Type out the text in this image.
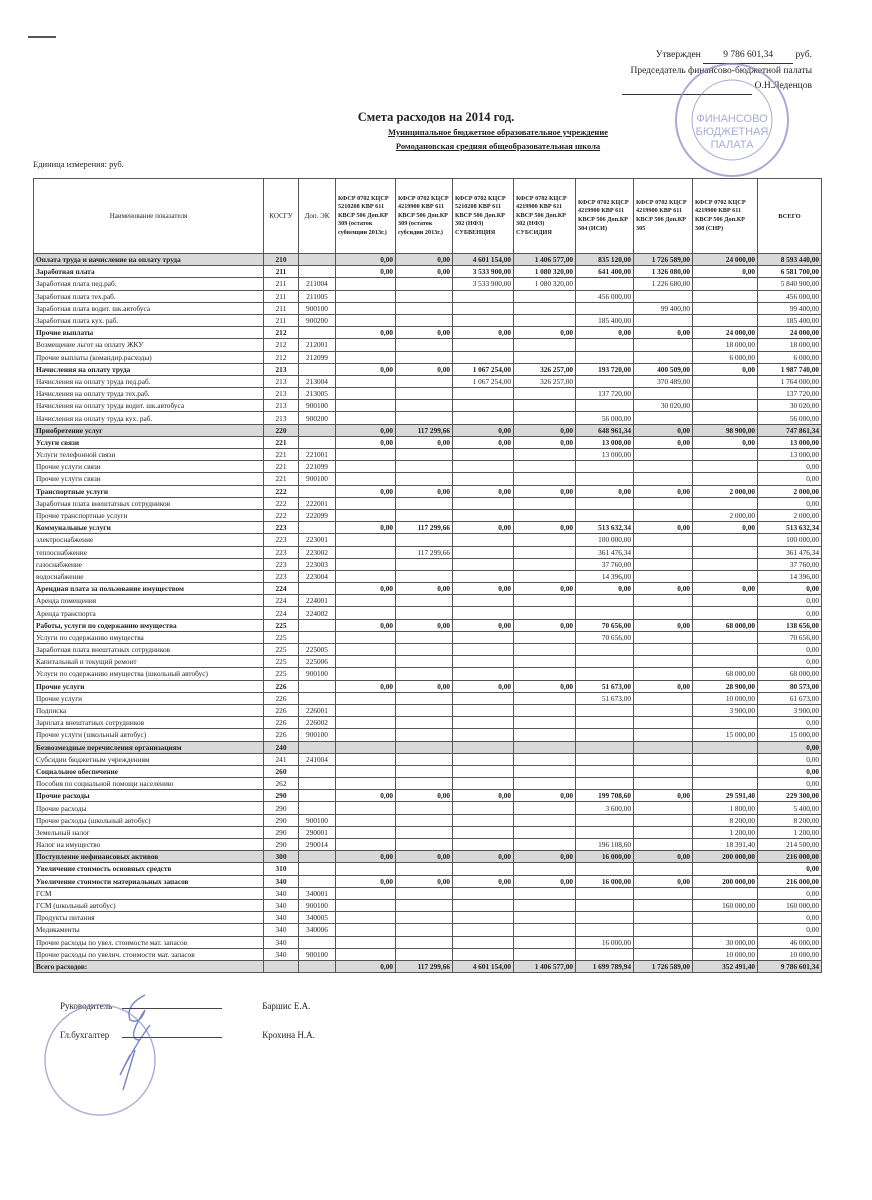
Утвержден 9 786 601,34 руб.
Председатель финансово-бюджетной палаты
О.Н.Леденцов
ФИНАНСОВО
БЮДЖЕТНАЯ
ПАЛАТА
Смета расходов на 2014 год.
Муниципальное бюджетное образовательное учреждение
Ромодановская средняя общеобразовательная школа
Единица измерения: руб.
Наименование показателя	КОСГУ	Доп. ЭК	КФСР 0702 КЦСР 5210208 КВР 611 КВСР 506 Доп.КР 309 (остаток субвенции 2013г.)	КФСР 0702 КЦСР 4219900 КВР 611 КВСР 506 Доп.КР 309 (остаток субсидии 2013г.)	КФСР 0702 КЦСР 5210208 КВР 611 КВСР 506 Доп.КР 302 (НФЗ) СУБВЕНЦИЯ	КФСР 0702 КЦСР 4219900 КВР 611 КВСР 506 Доп.КР 302 (НФЗ) СУБСИДИЯ	КФСР 0702 КЦСР 4219900 КВР 611 КВСР 506 Доп.КР 304 (ИСИ)	КФСР 0702 КЦСР 4219900 КВР 611 КВСР 506 Доп.КР 305	КФСР 0702 КЦСР 4219900 КВР 611 КВСР 506 Доп.КР 308 (СНР)	ВСЕГО
Оплата труда и начисление на оплату труда	210		0,00	0,00	4 601 154,00	1 406 577,00	835 120,00	1 726 589,00	24 000,00	8 593 440,00
Заработная плата	211		0,00	0,00	3 533 900,00	1 080 320,00	641 400,00	1 326 080,00	0,00	6 581 700,00
Заработная плата пед.раб.	211	211004			3 533 900,00	1 080 320,00		1 226 680,00		5 840 900,00
Заработная плата тех.раб.	211	211005					456 000,00			456 000,00
Заработная плата водит. шк.автобуса	211	900100						99 400,00		99 400,00
Заработная плата кух. раб.	211	900200					185 400,00			185 400,00
Прочие выплаты	212		0,00	0,00	0,00	0,00	0,00	0,00	24 000,00	24 000,00
Возмещение льгот на оплату ЖКУ	212	212001							18 000,00	18 000,00
Прочие выплаты (командир.расходы)	212	212099							6 000,00	6 000,00
Начисления на оплату труда	213		0,00	0,00	1 067 254,00	326 257,00	193 720,00	400 509,00	0,00	1 987 740,00
Начисления на оплату труда пед.раб.	213	213004			1 067 254,00	326 257,00		370 489,00		1 764 000,00
Начисления на оплату труда тех.раб.	213	213005					137 720,00			137 720,00
Начисления на оплату труда водит. шк.автобуса	213	900100						30 020,00		30 020,00
Начисления на оплату труда кух. раб.	213	900200					56 000,00			56 000,00
Приобретение услуг	220		0,00	117 299,66	0,00	0,00	648 961,34	0,00	98 900,00	747 861,34
Услуги связи	221		0,00	0,00	0,00	0,00	13 000,00	0,00	0,00	13 000,00
Услуги телефонной связи	221	221001					13 000,00			13 000,00
Прочие услуги связи	221	221099								0,00
Прочие услуги связи	221	900100								0,00
Транспортные услуги	222		0,00	0,00	0,00	0,00	0,00	0,00	2 000,00	2 000,00
Заработная плата внештатных сотрудников	222	222001								0,00
Прочие транспортные услуги	222	222099							2 000,00	2 000,00
Коммунальные услуги	223		0,00	117 299,66	0,00	0,00	513 632,34	0,00	0,00	513 632,34
электроснабжение	223	223001					100 000,00			100 000,00
теплоснабжение	223	223002		117 299,66			361 476,34			361 476,34
газоснабжение	223	223003					37 760,00			37 760,00
водоснабжение	223	223004					14 396,00			14 396,00
Арендная плата за пользование имуществом	224		0,00	0,00	0,00	0,00	0,00	0,00	0,00	0,00
Аренда помещения	224	224001								0,00
Аренда транспорта	224	224002								0,00
Работы, услуги по содержанию имущества	225		0,00	0,00	0,00	0,00	70 656,00	0,00	68 000,00	138 656,00
Услуги по содержанию имущества	225						70 656,00			70 656,00
Заработная плата внештатных сотрудников	225	225005								0,00
Капитальный и текущий ремонт	225	225006								0,00
Услуги по содержанию имущества (школьный автобус)	225	900100							68 000,00	68 000,00
Прочие услуги	226		0,00	0,00	0,00	0,00	51 673,00	0,00	28 900,00	80 573,00
Прочие услуги	226						51 673,00		10 000,00	61 673,00
Подписка	226	226001							3 900,00	3 900,00
Зарплата внештатных сотрудников	226	226002								0,00
Прочие услуги (школьный автобус)	226	900100							15 000,00	15 000,00
Безвозмездные перечисления организациям	240									0,00
Субсидии бюджетным учреждениям	241	241004								0,00
Социальное обеспечение	260									0,00
Пособия по социальной помощи населению	262									0,00
Прочие расходы	290		0,00	0,00	0,00	0,00	199 708,60	0,00	29 591,40	229 300,00
Прочие расходы	290						3 600,00		1 800,00	5 400,00
Прочие расходы (школьный автобус)	290	900100							8 200,00	8 200,00
Земельный налог	290	290001							1 200,00	1 200,00
Налог на имущество	290	290014					196 108,60		18 391,40	214 500,00
Поступление нефинансовых активов	300		0,00	0,00	0,00	0,00	16 000,00	0,00	200 000,00	216 000,00
Увеличение стоимость основных средств	310									0,00
Увеличение стоимости материальных запасов	340		0,00	0,00	0,00	0,00	16 000,00	0,00	200 000,00	216 000,00
ГСМ	340	340001								0,00
ГСМ (школьный автобус)	340	900100							160 000,00	160 000,00
Продукты питания	340	340005								0,00
Медикаменты	340	340006								0,00
Прочие расходы по увел. стоимости мат. запасов	340						16 000,00		30 000,00	46 000,00
Прочие расходы по увелич. стоимости мат. запасов	340	900100							10 000,00	10 000,00
Всего расходов:			0,00	117 299,66	4 601 154,00	1 406 577,00	1 699 789,94	1 726 589,00	352 491,40	9 786 601,34
Руководитель	Баршис Е.А.
Гл.бухгалтер	Крохина Н.А.
